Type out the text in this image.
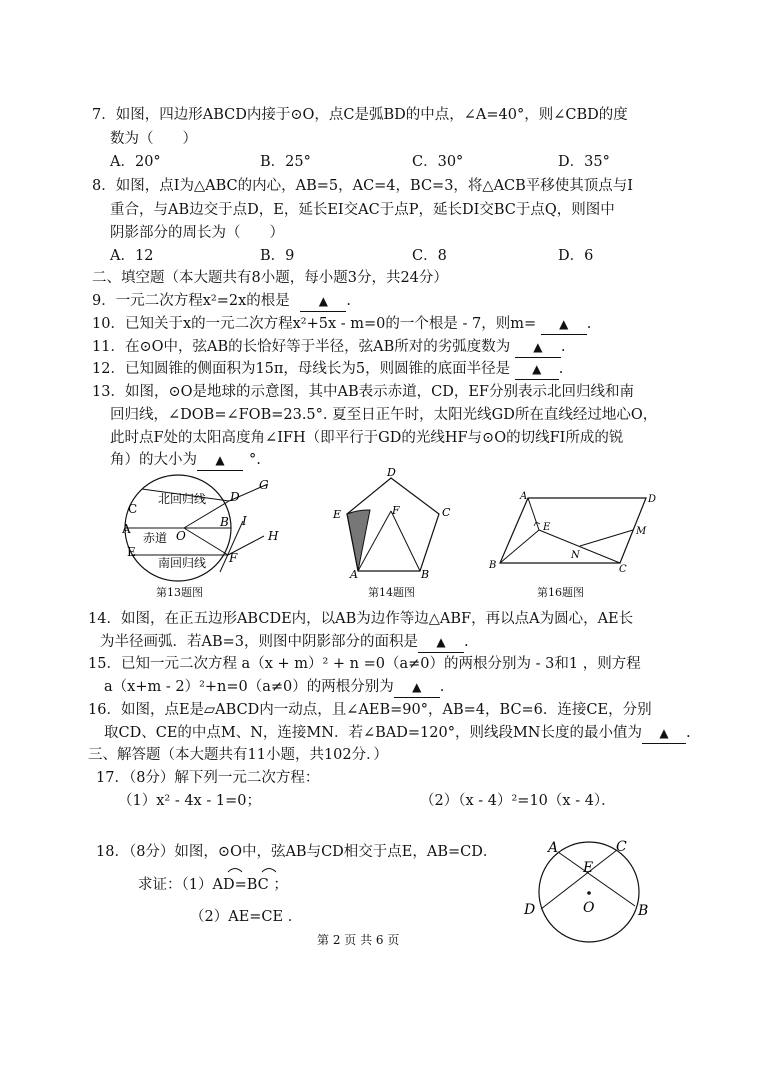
7．如图，四边形ABCD内接于⊙O，点C是弧BD的中点，∠A=40°，则∠CBD的度
数为（　　）
A．20°	B．25°	C．30°	D．35°
8．如图，点I为△ABC的内心，AB=5，AC=4，BC=3，将△ACB平移使其顶点与I
重合，与AB边交于点D，E，延长EI交AC于点P，延长DI交BC于点Q，则图中
阴影部分的周长为（　　）
A．12	B．9	C．8	D．6
二、填空题（本大题共有8小题，每小题3分，共24分）
9．一元二次方程x²=2x的根是 ▲ .
10．已知关于x的一元二次方程x²+5x - m=0的一个根是 - 7，则m= ▲ .
11．在⊙O中，弦AB的长恰好等于半径，弦AB所对的劣弧度数为 ▲ .
12．已知圆锥的侧面积为15π，母线长为5，则圆锥的底面半径是 ▲ .
13．如图，⊙O是地球的示意图，其中AB表示赤道，CD，EF分别表示北回归线和南
回归线，∠DOB=∠FOB=23.5°. 夏至日正午时，太阳光线GD所在直线经过地心O，
此时点F处的太阳高度角∠IFH（即平行于GD的光线HF与⊙O的切线FI所成的锐
角）的大小为 ▲ °.
C
D
G
A	B I
O	H
E	F
北回归线
赤道
南回归线
第13题图
D
E	F	C
A	B
第14题图
A	D
E	M
B
N
C
第16题图
14．如图，在正五边形ABCDE内，以AB为边作等边△ABF，再以点A为圆心，AE长
为半径画弧．若AB=3，则图中阴影部分的面积是 ▲ .
15．已知一元二次方程 a（x + m）² + n =0（a≠0）的两根分别为 - 3和1 ，则方程
a（x+m - 2）²+n=0（a≠0）的两根分别为 ▲ .
16．如图，点E是▱ABCD内一动点，且∠AEB=90°，AB=4，BC=6．连接CE，分别
取CD、CE的中点M、N，连接MN．若∠BAD=120°，则线段MN长度的最小值为 ▲ .
三、解答题（本大题共有11小题，共102分．）
17．（8分）解下列一元二次方程：
（1）x² - 4x - 1=0；	（2）（x - 4）²=10（x - 4）．
18．（8分）如图，⊙O中，弦AB与CD相交于点E，AB=CD．
求证：（1）AD=BC ；
（2）AE=CE ．
A	C
E
D	O	B
第 2 页 共 6 页
